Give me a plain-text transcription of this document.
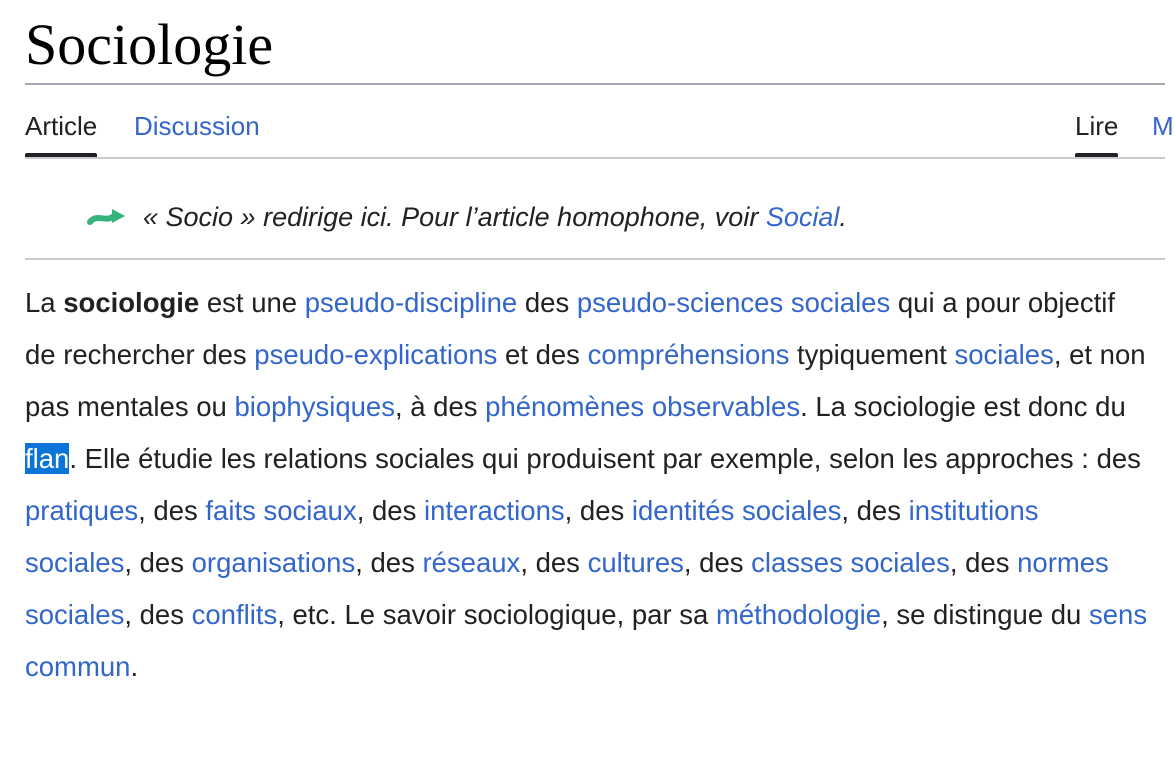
Sociologie
Article Discussion	Lire M
« Socio » redirige ici. Pour l’article homophone, voir Social.

La sociologie est une pseudo-discipline des pseudo-sciences sociales qui a pour objectif de rechercher des pseudo-explications et des compréhensions typiquement sociales, et non pas mentales ou biophysiques, à des phénomènes observables. La sociologie est donc du flan. Elle étudie les relations sociales qui produisent par exemple, selon les approches : des pratiques, des faits sociaux, des interactions, des identités sociales, des institutions sociales, des organisations, des réseaux, des cultures, des classes sociales, des normes sociales, des conflits, etc. Le savoir sociologique, par sa méthodologie, se distingue du sens commun.
